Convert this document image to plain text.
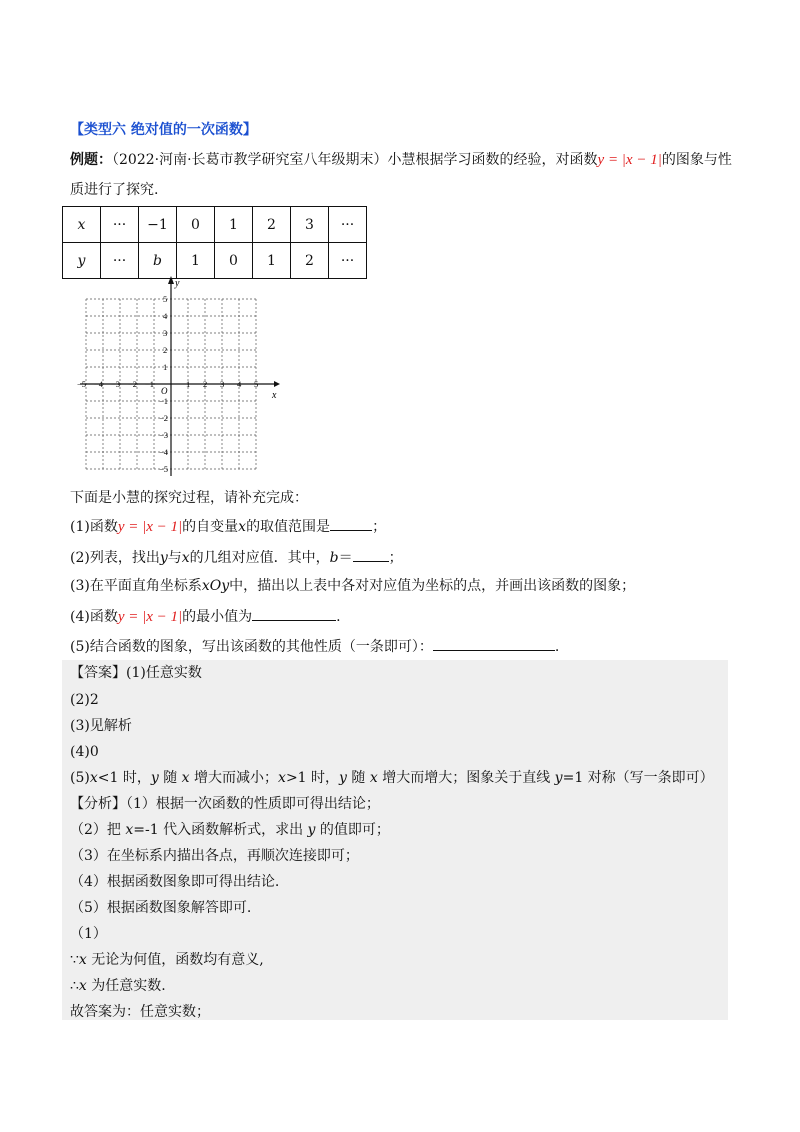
【类型六 绝对值的一次函数】
例题：（2022·河南·长葛市教学研究室八年级期末）小慧根据学习函数的经验，对函数y = |x − 1|的图象与性
质进行了探究.
x	···	−1	0	1	2	3	···
y	···	b	1	0	1	2	···
x
y
O
−5 −4 −3 −2 −1	1 2 3 4 5
5
4
3
2
1
−1
−2
−3
−4
−5
下面是小慧的探究过程，请补充完成：
(1)函数y = |x − 1|的自变量x的取值范围是	；
(2)列表，找出y与x的几组对应值．其中，b＝	；
(3)在平面直角坐标系xOy中，描出以上表中各对对应值为坐标的点，并画出该函数的图象；
(4)函数y = |x − 1|的最小值为	.
(5)结合函数的图象，写出该函数的其他性质（一条即可）：	.
【答案】(1)任意实数
(2)2
(3)见解析
(4)0
(5)x<1 时，y 随 x 增大而减小；x>1 时，y 随 x 增大而增大；图象关于直线 y=1 对称（写一条即可）
【分析】（1）根据一次函数的性质即可得出结论；
（2）把 x=-1 代入函数解析式，求出 y 的值即可；
（3）在坐标系内描出各点，再顺次连接即可；
（4）根据函数图象即可得出结论.
（5）根据函数图象解答即可.
（1）
∵x 无论为何值，函数均有意义,
∴x 为任意实数.
故答案为：任意实数；
